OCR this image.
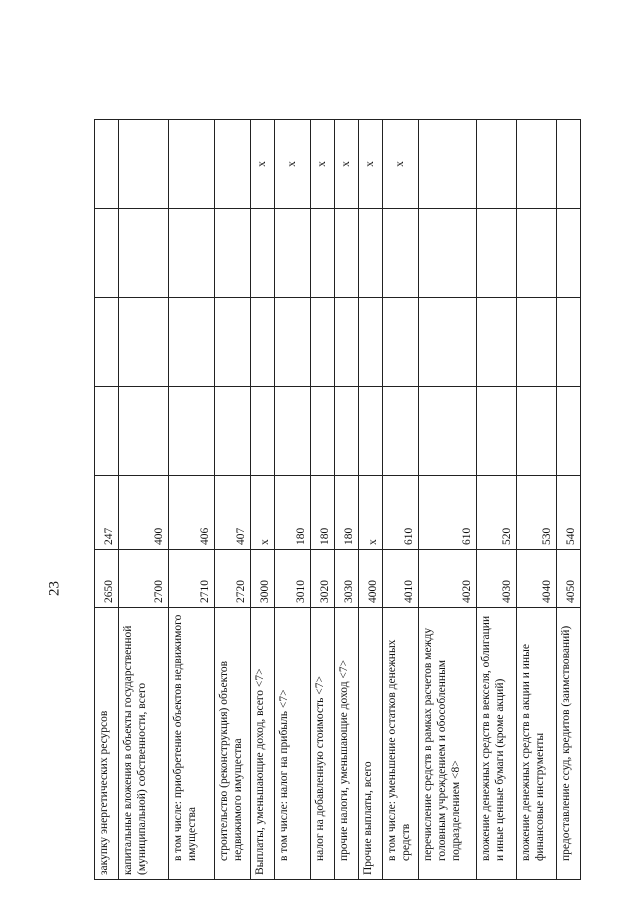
23
закупку энергетических ресурсов	2650	247				
капитальные вложения в объекты государственной (муниципальной) собственности, всего	2700	400				
в том числе: приобретение объектов недвижимого имущества	2710	406				
строительство (реконструкция) объектов недвижимого имущества	2720	407				
Выплаты, уменьшающие доход, всего <7>	3000	х				х
в том числе: налог на прибыль <7>	3010	180				х
налог на добавленную стоимость <7>	3020	180				х
прочие налоги, уменьшающие доход <7>	3030	180				х
Прочие выплаты, всего	4000	х				х
в том числе: уменьшение остатков денежных средств	4010	610				х
перечисление средств в рамках расчетов между головным учреждением и обособленным подразделением <8>	4020	610				
вложение денежных средств в векселя, облигации и иные ценные бумаги (кроме акций)	4030	520				
вложение денежных средств в акции и иные финансовые инструменты	4040	530				
предоставление ссуд, кредитов (заимствований)	4050	540				
